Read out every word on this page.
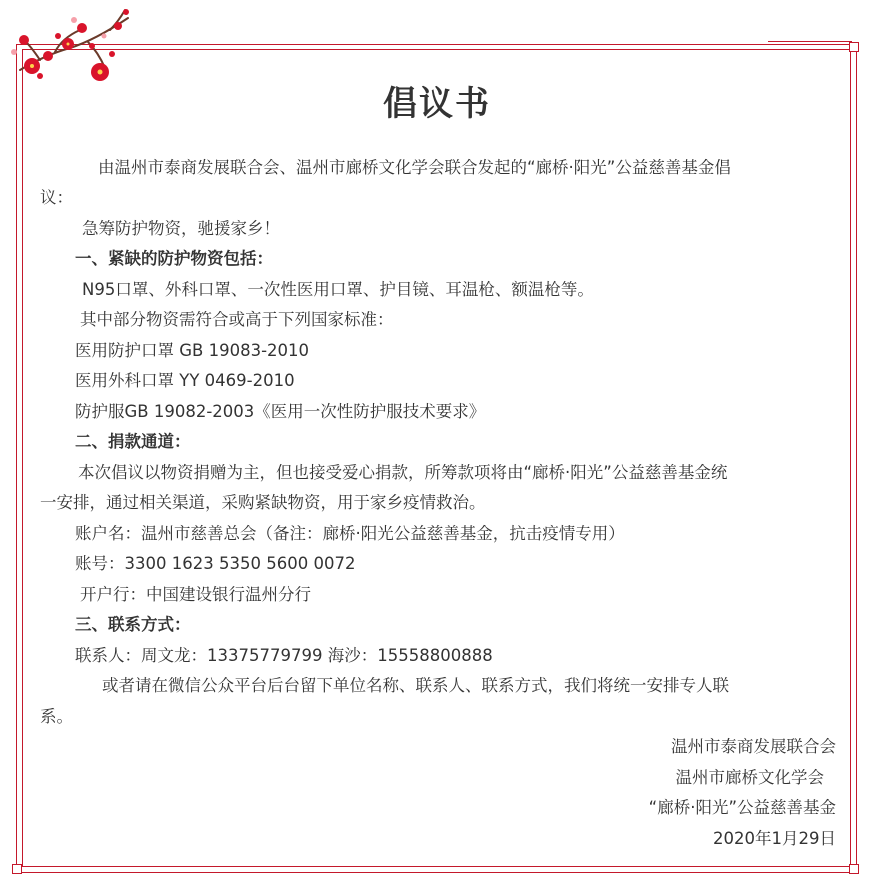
倡议书
由温州市泰商发展联合会、温州市廊桥文化学会联合发起的“廊桥·阳光”公益慈善基金倡
议：
急筹防护物资，驰援家乡！
一、紧缺的防护物资包括：
N95口罩、外科口罩、一次性医用口罩、护目镜、耳温枪、额温枪等。
其中部分物资需符合或高于下列国家标准：
医用防护口罩 GB 19083-2010
医用外科口罩 YY 0469-2010
防护服GB 19082-2003《医用一次性防护服技术要求》
二、捐款通道：
本次倡议以物资捐赠为主，但也接受爱心捐款，所筹款项将由“廊桥·阳光”公益慈善基金统
一安排，通过相关渠道，采购紧缺物资，用于家乡疫情救治。
账户名：温州市慈善总会（备注：廊桥·阳光公益慈善基金，抗击疫情专用）
账号：3300 1623 5350 5600 0072
开户行：中国建设银行温州分行
三、联系方式：
联系人：周文龙：13375779799 海沙：15558800888
或者请在微信公众平台后台留下单位名称、联系人、联系方式，我们将统一安排专人联
系。
温州市泰商发展联合会
温州市廊桥文化学会
“廊桥·阳光”公益慈善基金
2020年1月29日
